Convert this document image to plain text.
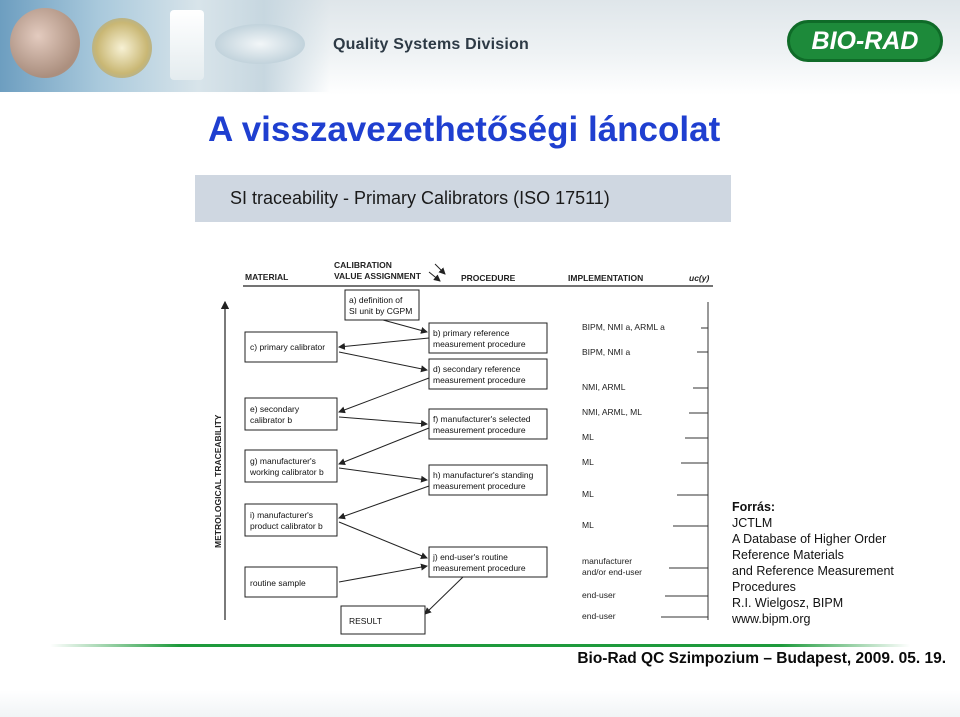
Quality Systems Division	BIO-RAD
A visszavezethetőségi láncolat
SI traceability - Primary Calibrators (ISO 17511)
MATERIAL
CALIBRATION
VALUE ASSIGNMENT	PROCEDURE	IMPLEMENTATION	uc(y)
METROLOGICAL TRACEABILITY
a) definition of
SI unit by CGPM
b) primary reference
measurement procedure
c) primary calibrator
d) secondary reference
measurement procedure
e) secondary
calibrator b	f) manufacturer's selected
measurement procedure
g) manufacturer's
working calibrator b	h) manufacturer's standing
measurement procedure
i) manufacturer's
product calibrator b
j) end-user's routine
measurement procedure
routine sample
RESULT
BIPM, NMI a, ARML a
BIPM, NMI a
NMI, ARML
NMI, ARML, ML
ML
ML
ML
ML
manufacturer
and/or end-user
end-user
end-user
Forrás:
JCTLM
A Database of Higher Order
Reference Materials
and Reference Measurement
Procedures
R.I. Wielgosz, BIPM
www.bipm.org
Bio-Rad QC Szimpozium – Budapest, 2009. 05. 19.
